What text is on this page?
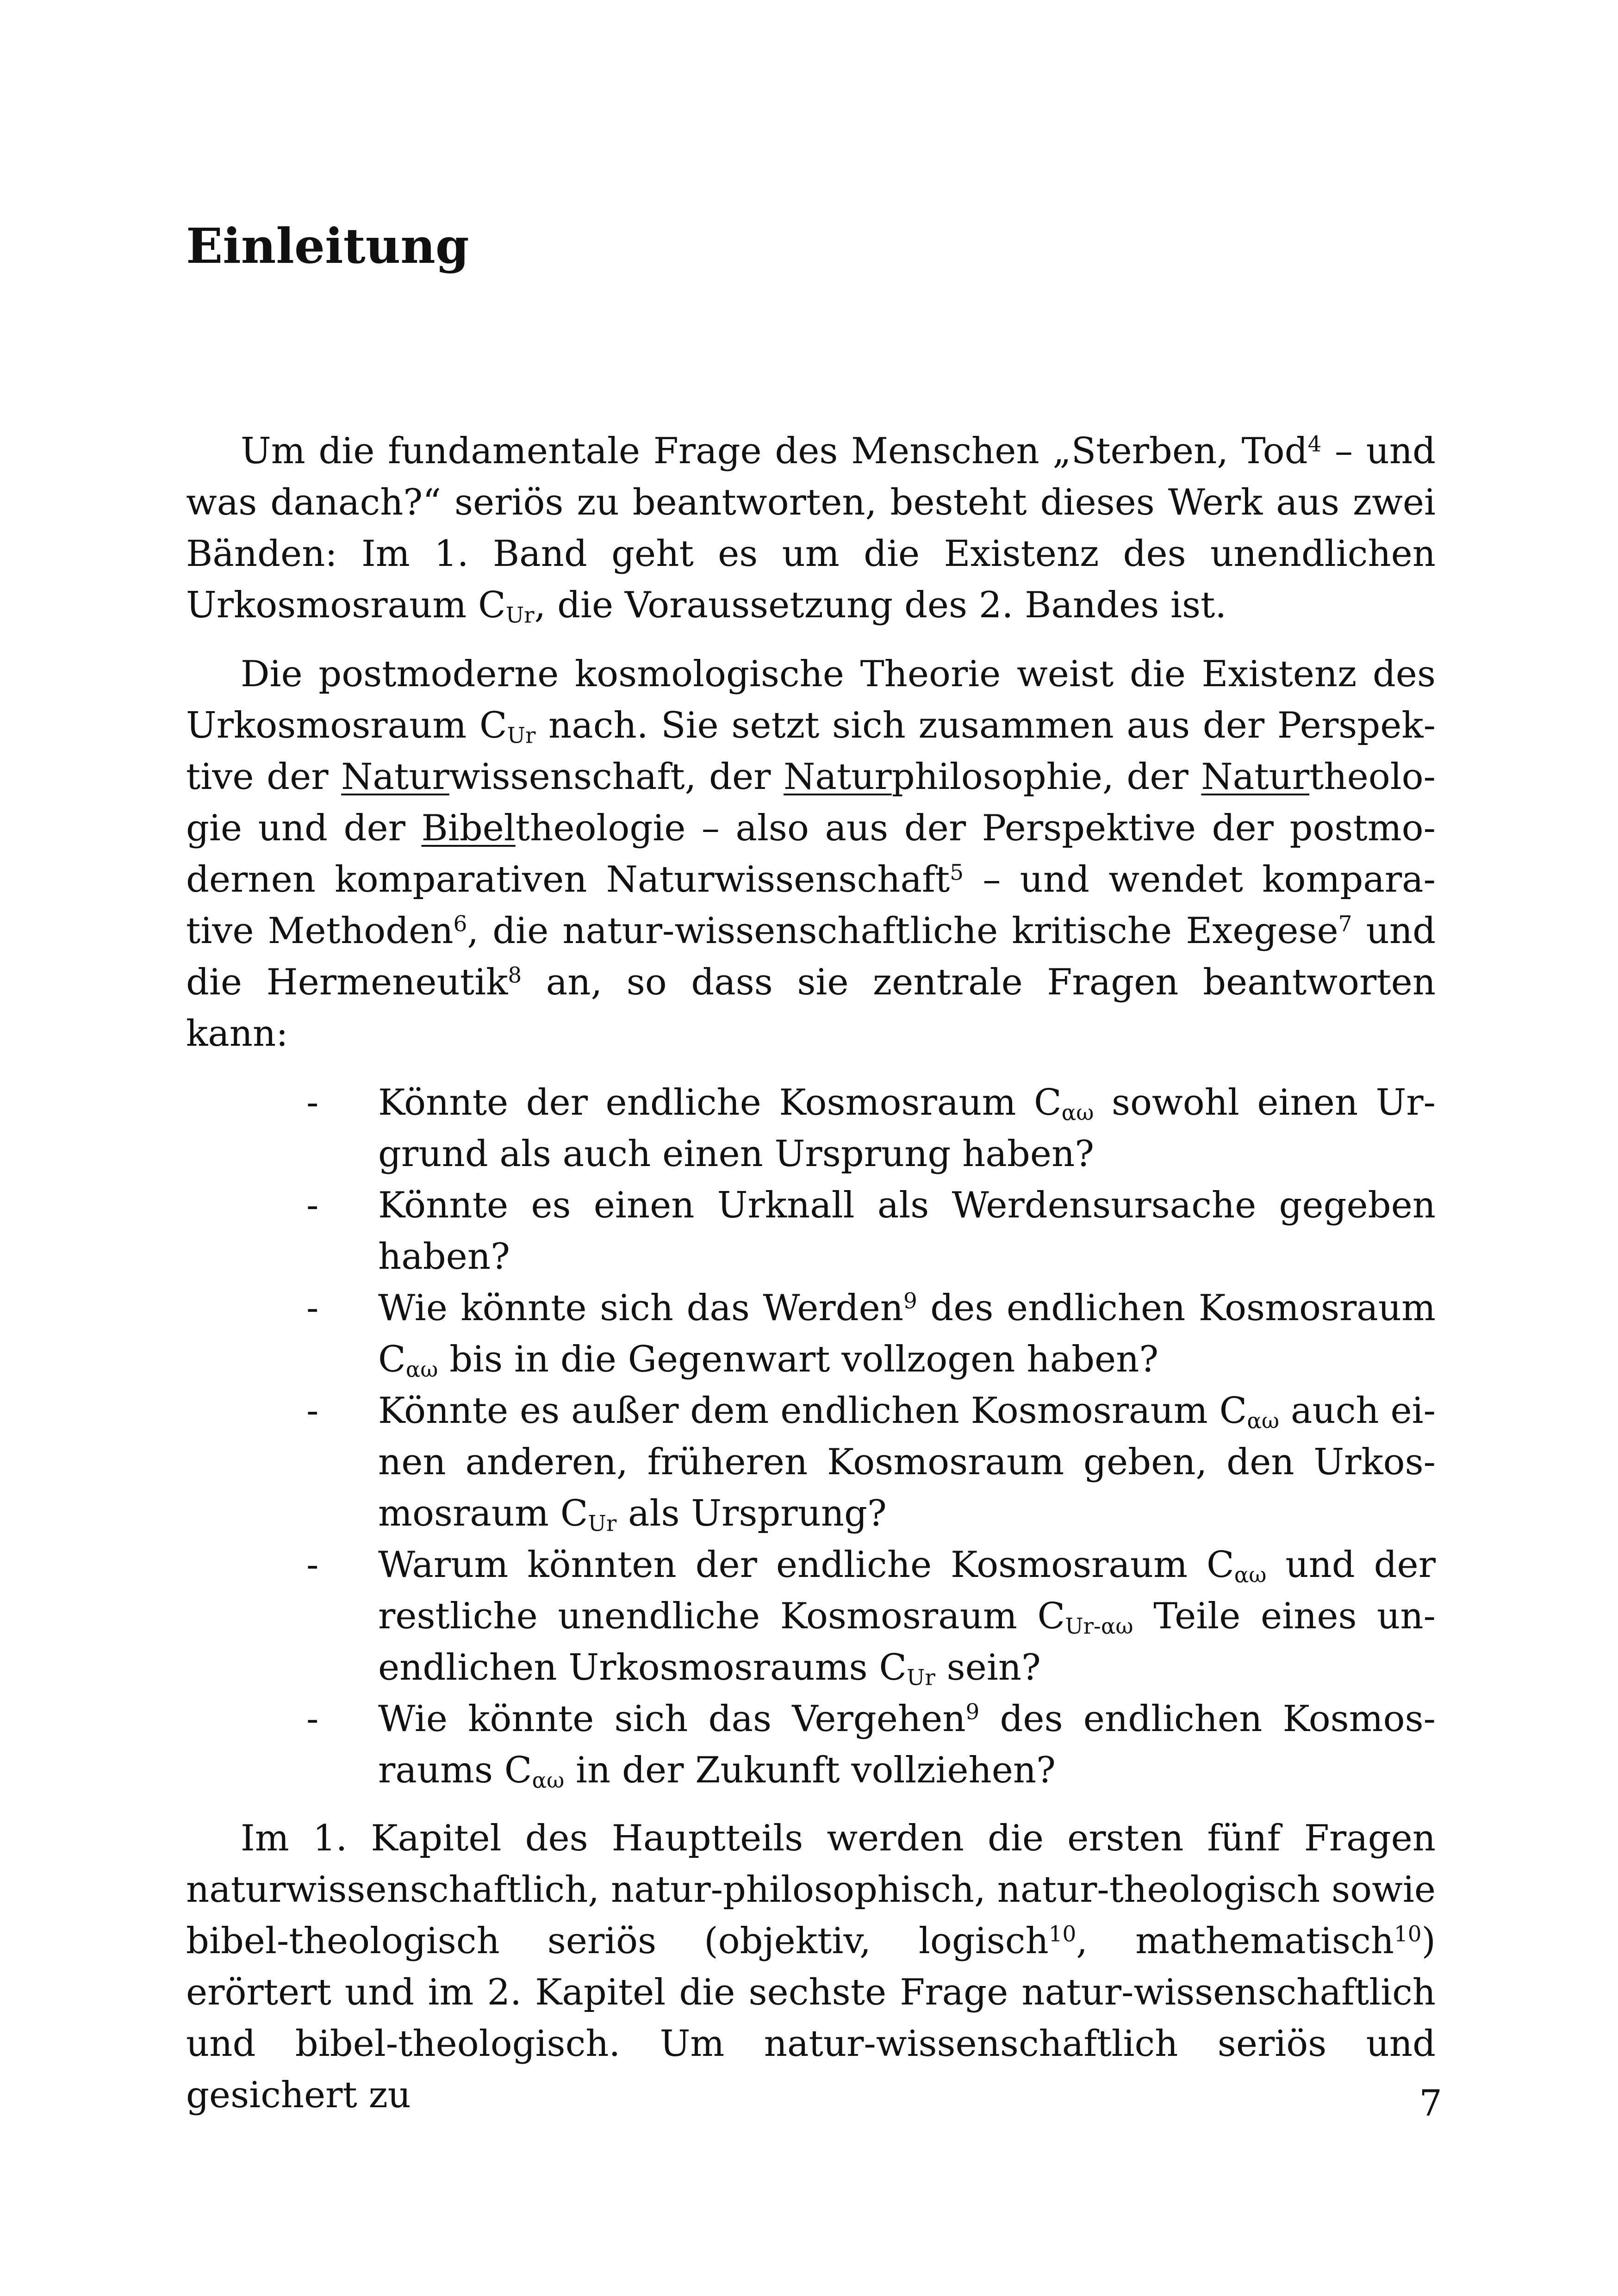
Einleitung

Um die fundamentale Frage des Menschen „Sterben, Tod$^4$ – und was danach?“ seriös zu beantworten, besteht dieses Werk aus zwei Bänden: Im 1. Band geht es um die Existenz des unendlichen Urkosmosraum $C_{Ur}$, die Voraussetzung des 2. Bandes ist.

Die postmoderne kosmologische Theorie weist die Existenz des Urkosmosraum $C_{Ur}$ nach. Sie setzt sich zusammen aus der Perspektive der Naturwissenschaft, der Naturphilosophie, der Naturtheologie und der Bibeltheologie – also aus der Perspektive der postmodernen komparativen Naturwissenschaft$^5$ – und wendet komparative Methoden$^6$, die natur-wissenschaftliche kritische Exegese$^7$ und die Hermeneutik$^8$ an, so dass sie zentrale Fragen beantworten kann:

- Könnte der endliche Kosmosraum $C_{\alpha\omega}$ sowohl einen Urgrund als auch einen Ursprung haben?
- Könnte es einen Urknall als Werdensursache gegeben haben?
- Wie könnte sich das Werden$^9$ des endlichen Kosmosraum $C_{\alpha\omega}$ bis in die Gegenwart vollzogen haben?
- Könnte es außer dem endlichen Kosmosraum $C_{\alpha\omega}$ auch einen anderen, früheren Kosmosraum geben, den Urkosmosraum $C_{Ur}$ als Ursprung?
- Warum könnten der endliche Kosmosraum $C_{\alpha\omega}$ und der restliche unendliche Kosmosraum $C_{Ur-\alpha\omega}$ Teile eines unendlichen Urkosmosraums $C_{Ur}$ sein?
- Wie könnte sich das Vergehen$^9$ des endlichen Kosmosraums $C_{\alpha\omega}$ in der Zukunft vollziehen?

Im 1. Kapitel des Hauptteils werden die ersten fünf Fragen naturwissenschaftlich, natur-philosophisch, natur-theologisch sowie bibel-theologisch seriös (objektiv, logisch$^{10}$, mathematisch$^{10}$) erörtert und im 2. Kapitel die sechste Frage natur-wissenschaftlich und bibel-theologisch. Um natur-wissenschaftlich seriös und gesichert zu	7
